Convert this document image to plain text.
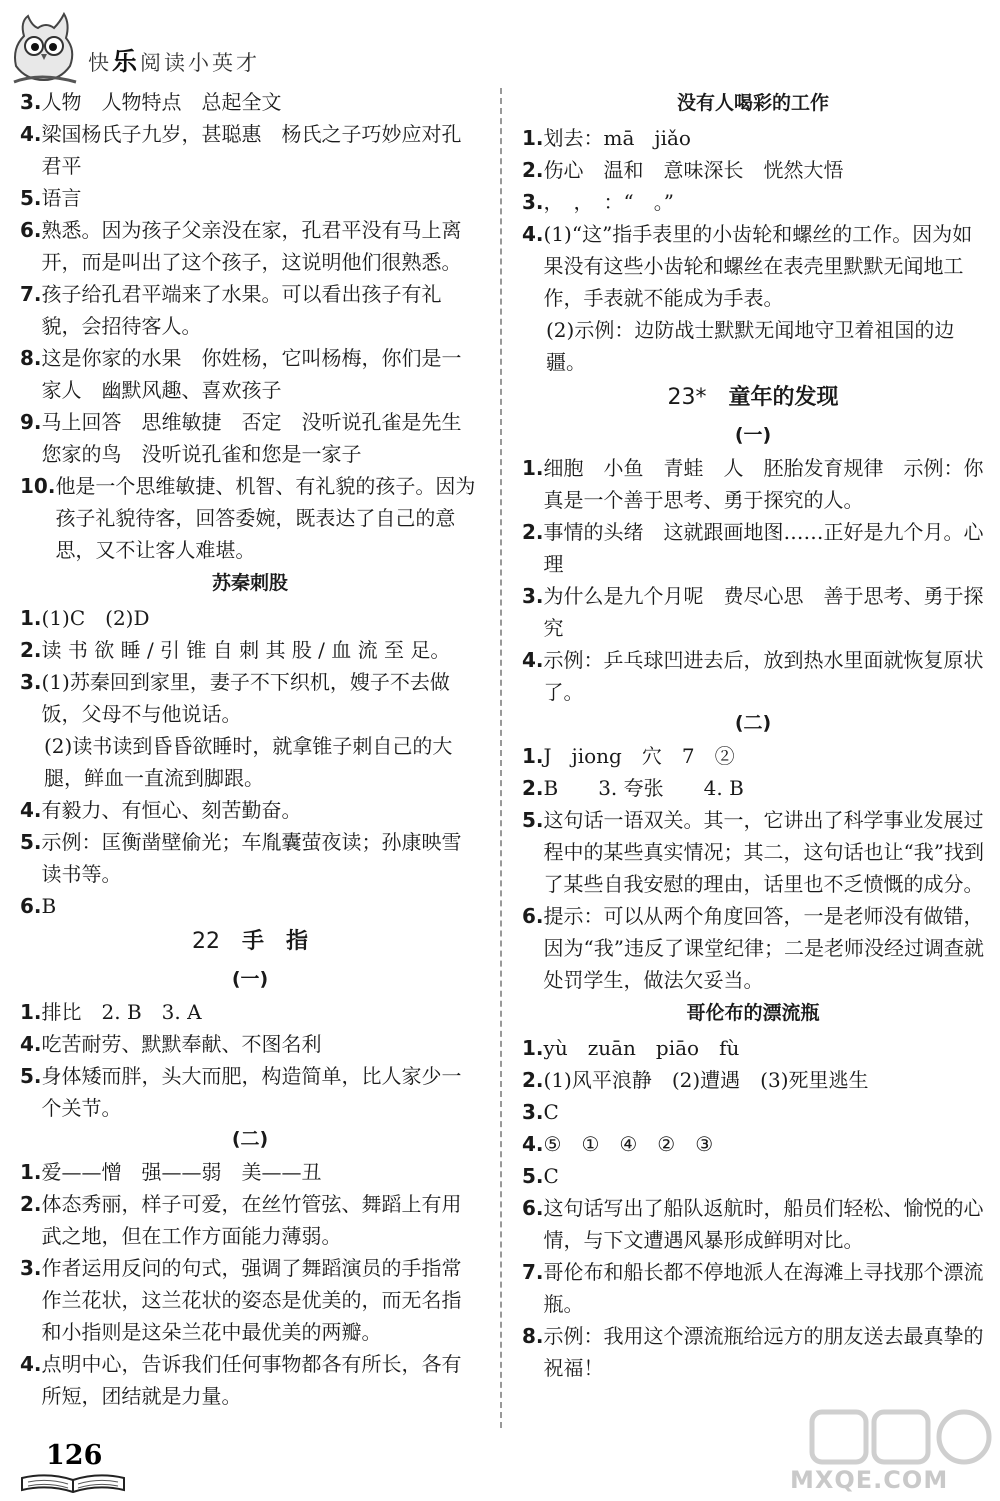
快乐阅读小英才
3. 人物　人物特点　总起全文
4. 梁国杨氏子九岁，甚聪惠　杨氏之子巧妙应对孔君平
5. 语言
6. 熟悉。因为孩子父亲没在家，孔君平没有马上离开，而是叫出了这个孩子，这说明他们很熟悉。
7. 孩子给孔君平端来了水果。可以看出孩子有礼貌，会招待客人。
8. 这是你家的水果　你姓杨，它叫杨梅，你们是一家人　幽默风趣、喜欢孩子
9. 马上回答　思维敏捷　否定　没听说孔雀是先生您家的鸟　没听说孔雀和您是一家子
10. 他是一个思维敏捷、机智、有礼貌的孩子。因为孩子礼貌待客，回答委婉，既表达了自己的意思，又不让客人难堪。
苏秦刺股
1. (1)C　(2)D
2. 读 书 欲 睡 / 引 锥 自 刺 其 股 / 血 流 至 足。
3. (1)苏秦回到家里，妻子不下织机，嫂子不去做饭，父母不与他说话。
(2)读书读到昏昏欲睡时，就拿锥子刺自己的大腿，鲜血一直流到脚跟。
4. 有毅力、有恒心、刻苦勤奋。
5. 示例：匡衡凿壁偷光；车胤囊萤夜读；孙康映雪读书等。
6. B
22 手　指
(一)
1. 排比　2. B　3. A
4. 吃苦耐劳、默默奉献、不图名利
5. 身体矮而胖，头大而肥，构造简单，比人家少一个关节。
(二)
1. 爱——憎　强——弱　美——丑
2. 体态秀丽，样子可爱，在丝竹管弦、舞蹈上有用武之地，但在工作方面能力薄弱。
3. 作者运用反问的句式，强调了舞蹈演员的手指常作兰花状，这兰花状的姿态是优美的，而无名指和小指则是这朵兰花中最优美的两瓣。
4. 点明中心，告诉我们任何事物都各有所长，各有所短，团结就是力量。
没有人喝彩的工作
1. 划去：mā　jiǎo
2. 伤心　温和　意味深长　恍然大悟
3. ，　，　：“　。”
4. (1)“这”指手表里的小齿轮和螺丝的工作。因为如果没有这些小齿轮和螺丝在表壳里默默无闻地工作，手表就不能成为手表。
(2)示例：边防战士默默无闻地守卫着祖国的边疆。
23* 童年的发现
(一)
1. 细胞　小鱼　青蛙　人　胚胎发育规律　示例：你真是一个善于思考、勇于探究的人。
2. 事情的头绪　这就跟画地图……正好是九个月。心理
3. 为什么是九个月呢　费尽心思　善于思考、勇于探究
4. 示例：乒乓球凹进去后，放到热水里面就恢复原状了。
(二)
1. J　jiong　穴　7　②
2. B　　3. 夸张　　4. B
5. 这句话一语双关。其一，它讲出了科学事业发展过程中的某些真实情况；其二，这句话也让“我”找到了某些自我安慰的理由，话里也不乏愤慨的成分。
6. 提示：可以从两个角度回答，一是老师没有做错，因为“我”违反了课堂纪律；二是老师没经过调查就处罚学生，做法欠妥当。
哥伦布的漂流瓶
1. yù　zuān　piāo　fù
2. (1)风平浪静　(2)遭遇　(3)死里逃生
3. C
4. ⑤　①　④　②　③
5. C
6. 这句话写出了船队返航时，船员们轻松、愉悦的心情，与下文遭遇风暴形成鲜明对比。
7. 哥伦布和船长都不停地派人在海滩上寻找那个漂流瓶。
8. 示例：我用这个漂流瓶给远方的朋友送去最真挚的祝福！
126
MXQE.COM
